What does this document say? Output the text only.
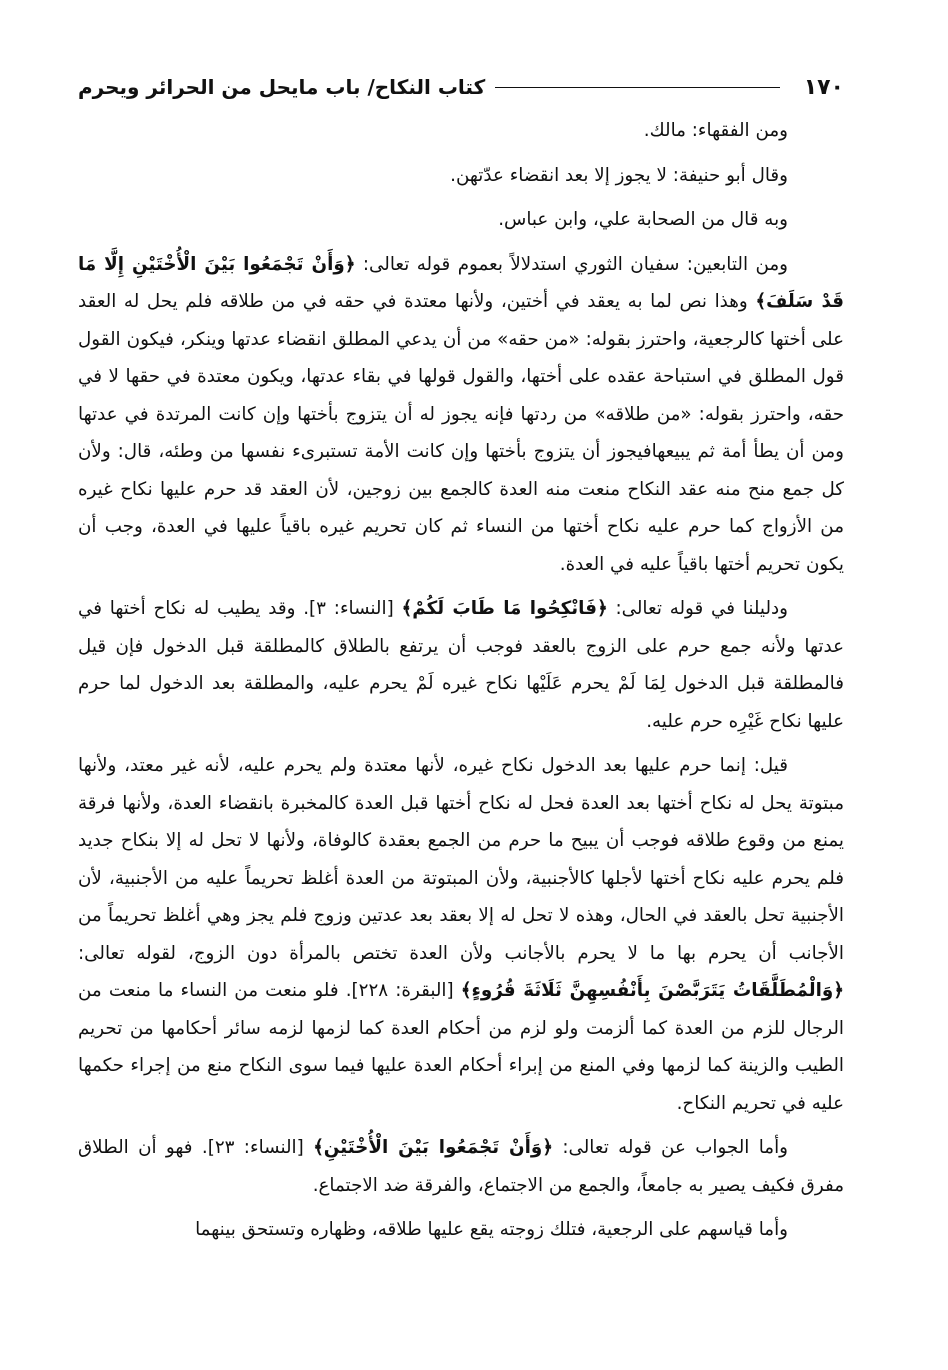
١٧٠
كتاب النكاح/ باب مايحل من الحرائر ويحرم

ومن الفقهاء: مالك.

وقال أبو حنيفة: لا يجوز إلا بعد انقضاء عدّتهن.

وبه قال من الصحابة علي، وابن عباس.

ومن التابعين: سفيان الثوري استدلالاً بعموم قوله تعالى: ﴿وَأَنْ تَجْمَعُوا بَيْنَ الْأُخْتَيْنِ إِلَّا مَا قَدْ سَلَفَ﴾ وهذا نص لما به يعقد في أختين، ولأنها معتدة في حقه في من طلاقه فلم يحل له العقد على أختها كالرجعية، واحترز بقوله: «من حقه» من أن يدعي المطلق انقضاء عدتها وينكر، فيكون القول قول المطلق في استباحة عقده على أختها، والقول قولها في بقاء عدتها، ويكون معتدة في حقها لا في حقه، واحترز بقوله: «من طلاقه» من ردتها فإنه يجوز له أن يتزوج بأختها وإن كانت المرتدة في عدتها ومن أن يطأ أمة ثم يبيعهافيجوز أن يتزوج بأختها وإن كانت الأمة تستبرىء نفسها من وطئه، قال: ولأن كل جمع منح منه عقد النكاح منعت منه العدة كالجمع بين زوجين، لأن العقد قد حرم عليها نكاح غيره من الأزواج كما حرم عليه نكاح أختها من النساء ثم كان تحريم غيره باقياً عليها في العدة، وجب أن يكون تحريم أختها باقياً عليه في العدة.

ودليلنا في قوله تعالى: ﴿فَانْكِحُوا مَا طَابَ لَكُمْ﴾ [النساء: ٣]. وقد يطيب له نكاح أختها في عدتها ولأنه جمع حرم على الزوج بالعقد فوجب أن يرتفع بالطلاق كالمطلقة قبل الدخول فإن قيل فالمطلقة قبل الدخول لِمَا لَمْ يحرم عَلَيْها نكاح غيره لَمْ يحرم عليه، والمطلقة بعد الدخول لما حرم عليها نكاح غَيْرِه حرم عليه.

قيل: إنما حرم عليها بعد الدخول نكاح غيره، لأنها معتدة ولم يحرم عليه، لأنه غير معتد، ولأنها مبتوتة يحل له نكاح أختها بعد العدة فحل له نكاح أختها قبل العدة كالمخبرة بانقضاء العدة، ولأنها فرقة يمنع من وقوع طلاقه فوجب أن يبيح ما حرم من الجمع بعقدة كالوفاة، ولأنها لا تحل له إلا بنكاح جديد فلم يحرم عليه نكاح أختها لأجلها كالأجنبية، ولأن المبتوتة من العدة أغلظ تحريماً عليه من الأجنبية، لأن الأجنبية تحل بالعقد في الحال، وهذه لا تحل له إلا بعقد بعد عدتين وزوج فلم يجز وهي أغلظ تحريماً من الأجانب أن يحرم بها ما لا يحرم بالأجانب ولأن العدة تختص بالمرأة دون الزوج، لقوله تعالى: ﴿وَالْمُطَلَّقَاتُ يَتَرَبَّصْنَ بِأَنْفُسِهِنَّ ثَلَاثَةَ قُرُوءٍ﴾ [البقرة: ٢٢٨]. فلو منعت من النساء ما منعت من الرجال للزم من العدة كما ألزمت ولو لزم من أحكام العدة كما لزمها لزمه سائر أحكامها من تحريم الطيب والزينة كما لزمها وفي المنع من إبراء أحكام العدة عليها فيما سوى النكاح منع من إجراء حكمها عليه في تحريم النكاح.

وأما الجواب عن قوله تعالى: ﴿وَأَنْ تَجْمَعُوا بَيْنَ الْأُخْتَيْنِ﴾ [النساء: ٢٣]. فهو أن الطلاق مفرق فكيف يصير به جامعاً، والجمع من الاجتماع، والفرقة ضد الاجتماع.

وأما قياسهم على الرجعية، فتلك زوجته يقع عليها طلاقه، وظهاره وتستحق بينهما
